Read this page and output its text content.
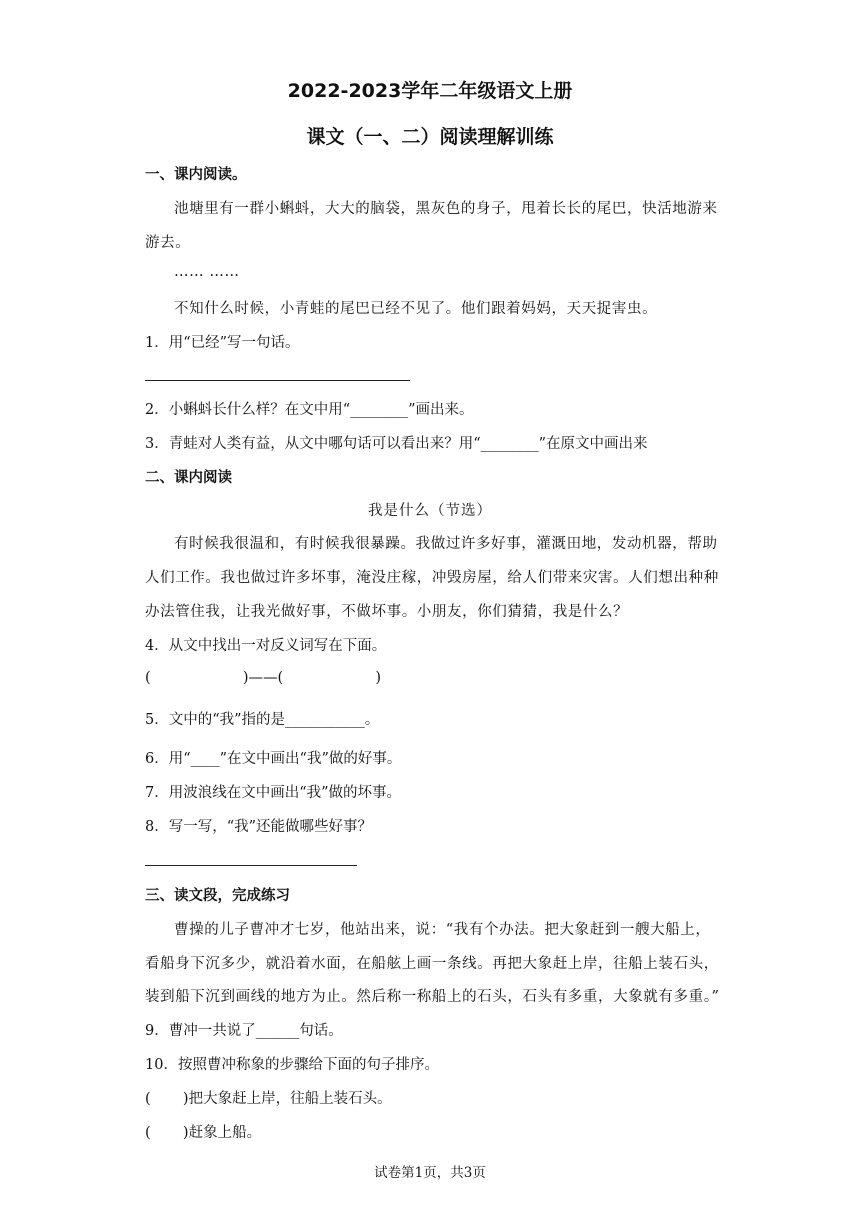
2022-2023学年二年级语文上册
课文（一、二）阅读理解训练
一、课内阅读。
池塘里有一群小蝌蚪，大大的脑袋，黑灰色的身子，甩着长长的尾巴，快活地游来
游去。
…… ……
不知什么时候，小青蛙的尾巴已经不见了。他们跟着妈妈，天天捉害虫。
1．用“已经”写一句话。
2．小蝌蚪长什么样？在文中用“________”画出来。
3．青蛙对人类有益，从文中哪句话可以看出来？用“________”在原文中画出来
二、课内阅读
我是什么（节选）
有时候我很温和，有时候我很暴躁。我做过许多好事，灌溉田地，发动机器，帮助
人们工作。我也做过许多坏事，淹没庄稼，冲毁房屋，给人们带来灾害。人们想出种种
办法管住我，让我光做好事，不做坏事。小朋友，你们猜猜，我是什么？
4．从文中找出一对反义词写在下面。
(                    )——(                    )
5．文中的“我”指的是___________。
6．用“____”在文中画出“我”做的好事。
7．用波浪线在文中画出“我”做的坏事。
8．写一写，“我”还能做哪些好事？
三、读文段，完成练习
曹操的儿子曹冲才七岁，他站出来，说：“我有个办法。把大象赶到一艘大船上，
看船身下沉多少，就沿着水面，在船舷上画一条线。再把大象赶上岸，往船上装石头，
装到船下沉到画线的地方为止。然后称一称船上的石头，石头有多重，大象就有多重。”
9．曹冲一共说了______句话。
10．按照曹冲称象的步骤给下面的句子排序。
(       )把大象赶上岸，往船上装石头。
(       )赶象上船。
试卷第1页，共3页
